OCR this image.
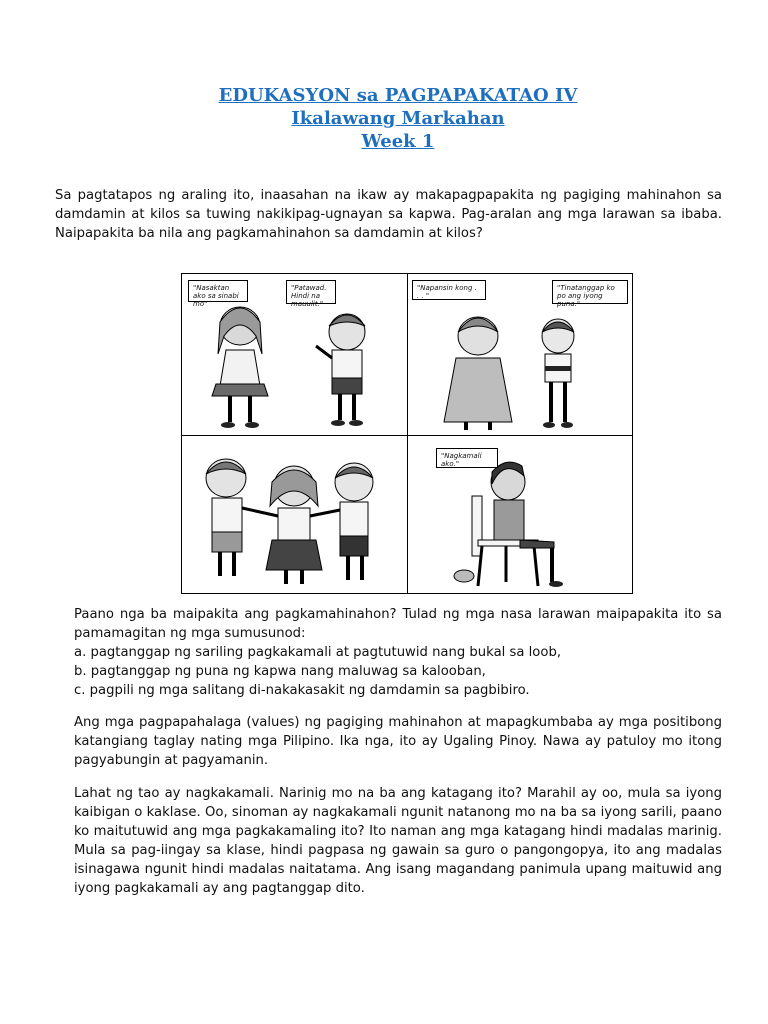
EDUKASYON sa PAGPAPAKATAO IV
Ikalawang Markahan
Week 1

Sa pagtatapos ng araling ito, inaasahan na ikaw ay makapagpapakita ng pagiging mahinahon sa damdamin at kilos sa tuwing nakikipag-ugnayan sa kapwa. Pag-aralan ang mga larawan sa ibaba. Naipapakita ba nila ang pagkamahinahon sa damdamin at kilos?

"Nasaktan ako sa sinabi mo"
"Patawad. Hindi na mauulit."
"Napansin kong . . . "
"Tinatanggap ko po ang iyong puna."
"Nagkamali ako."
Paano nga ba maipakita ang pagkamahinahon? Tulad ng mga nasa larawan maipapakita ito sa pamamagitan ng mga sumusunod:
a. pagtanggap ng sariling pagkakamali at pagtutuwid nang bukal sa loob,
b. pagtanggap ng puna ng kapwa nang maluwag sa kalooban,
c. pagpili ng mga salitang di-nakakasakit ng damdamin sa pagbibiro.

Ang mga pagpapahalaga (values) ng pagiging mahinahon at mapagkumbaba ay mga positibong katangiang taglay nating mga Pilipino. Ika nga, ito ay Ugaling Pinoy. Nawa ay patuloy mo itong pagyabungin at pagyamanin.

Lahat ng tao ay nagkakamali. Narinig mo na ba ang katagang ito? Marahil ay oo, mula sa iyong kaibigan o kaklase. Oo, sinoman ay nagkakamali ngunit natanong mo na ba sa iyong sarili, paano ko maitutuwid ang mga pagkakamaling ito? Ito naman ang mga katagang hindi madalas marinig. Mula sa pag-iingay sa klase, hindi pagpasa ng gawain sa guro o pangongopya, ito ang madalas isinagawa ngunit hindi madalas naitatama. Ang isang magandang panimula upang maituwid ang iyong pagkakamali ay ang pagtanggap dito.
